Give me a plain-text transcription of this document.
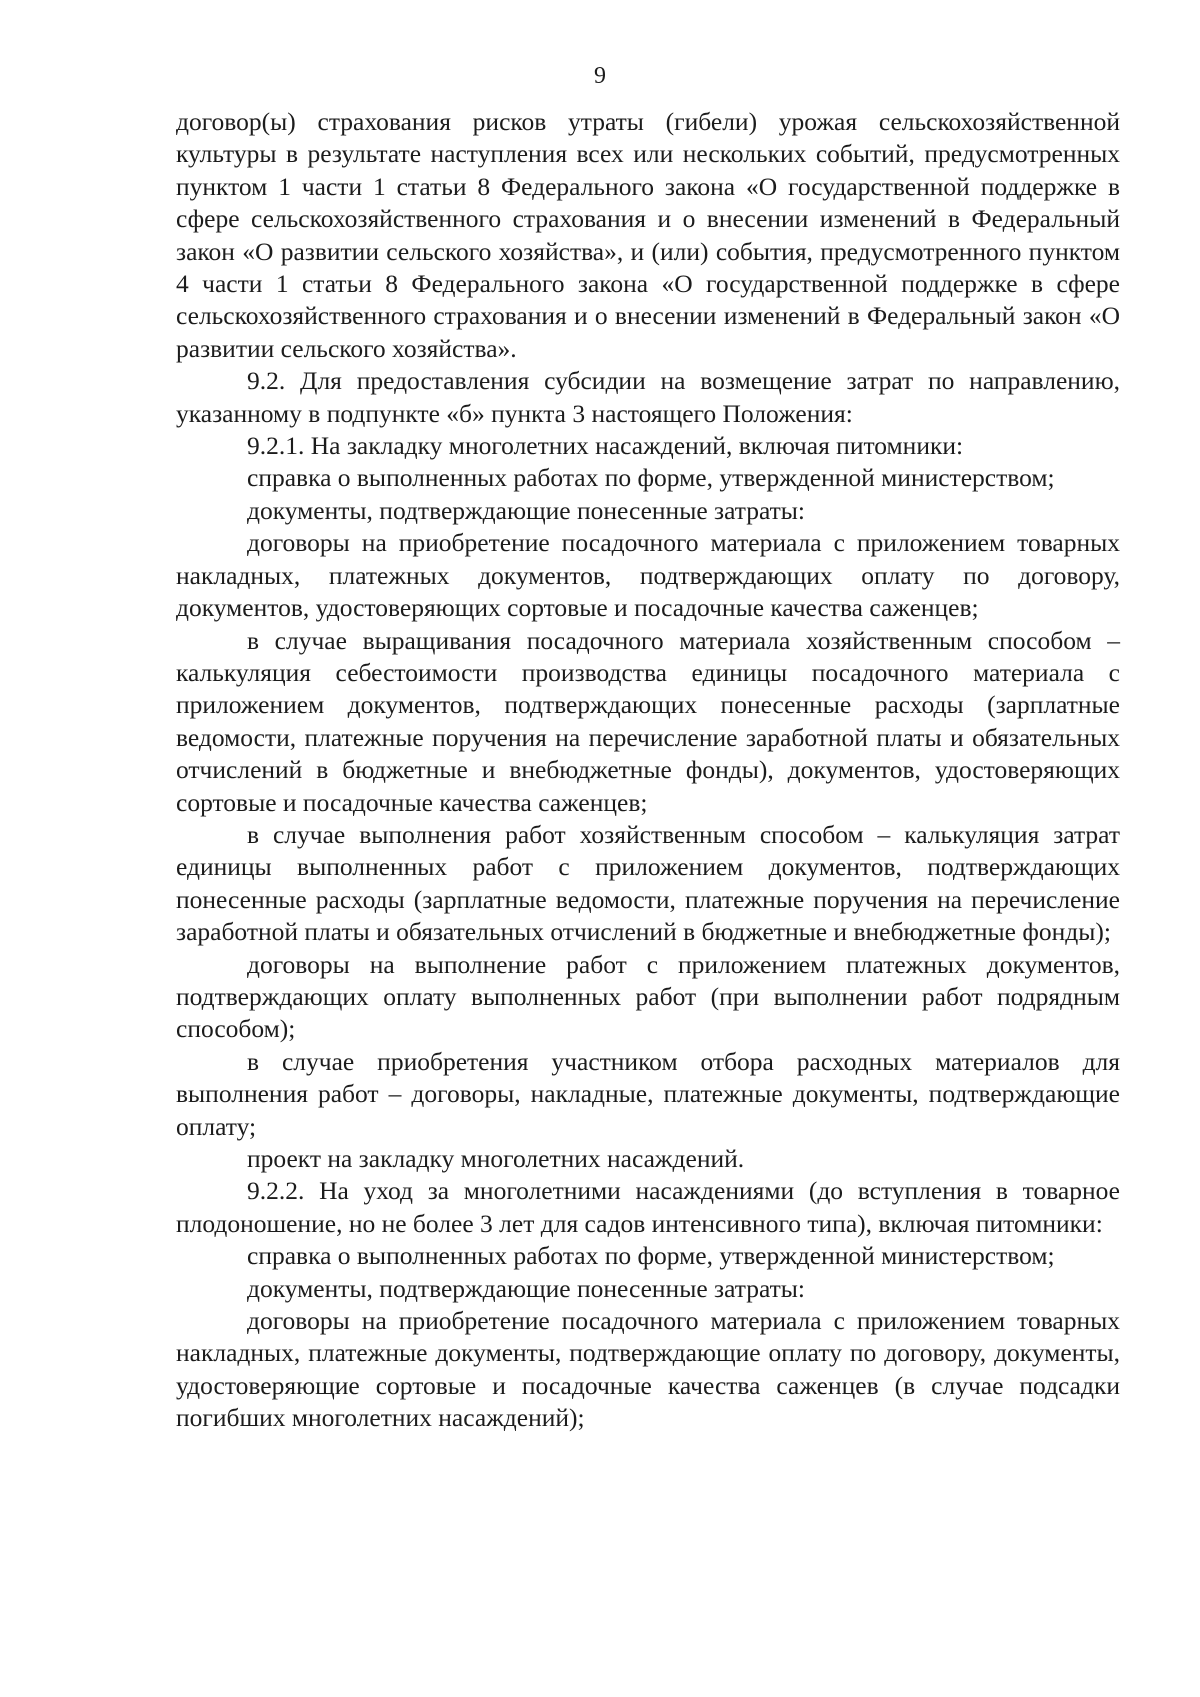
9

договор(ы) страхования рисков утраты (гибели) урожая сельскохозяйственной культуры в результате наступления всех или нескольких событий, предусмотренных пунктом 1 части 1 статьи 8 Федерального закона «О государственной поддержке в сфере сельскохозяйственного страхования и о внесении изменений в Федеральный закон «О развитии сельского хозяйства», и (или) события, предусмотренного пунктом 4 части 1 статьи 8 Федерального закона «О государственной поддержке в сфере сельскохозяйственного страхования и о внесении изменений в Федеральный закон «О развитии сельского хозяйства».

9.2. Для предоставления субсидии на возмещение затрат по направлению, указанному в подпункте «б» пункта 3 настоящего Положения:

9.2.1. На закладку многолетних насаждений, включая питомники:

справка о выполненных работах по форме, утвержденной министерством;

документы, подтверждающие понесенные затраты:

договоры на приобретение посадочного материала с приложением товарных накладных, платежных документов, подтверждающих оплату по договору, документов, удостоверяющих сортовые и посадочные качества саженцев;

в случае выращивания посадочного материала хозяйственным способом – калькуляция себестоимости производства единицы посадочного материала с приложением документов, подтверждающих понесенные расходы (зарплатные ведомости, платежные поручения на перечисление заработной платы и обязательных отчислений в бюджетные и внебюджетные фонды), документов, удостоверяющих сортовые и посадочные качества саженцев;

в случае выполнения работ хозяйственным способом – калькуляция затрат единицы выполненных работ с приложением документов, подтверждающих понесенные расходы (зарплатные ведомости, платежные поручения на перечисление заработной платы и обязательных отчислений в бюджетные и внебюджетные фонды);

договоры на выполнение работ с приложением платежных документов, подтверждающих оплату выполненных работ (при выполнении работ подрядным способом);

в случае приобретения участником отбора расходных материалов для выполнения работ – договоры, накладные, платежные документы, подтверждающие оплату;

проект на закладку многолетних насаждений.

9.2.2. На уход за многолетними насаждениями (до вступления в товарное плодоношение, но не более 3 лет для садов интенсивного типа), включая питомники:

справка о выполненных работах по форме, утвержденной министерством;

документы, подтверждающие понесенные затраты:

договоры на приобретение посадочного материала с приложением товарных накладных, платежные документы, подтверждающие оплату по договору, документы, удостоверяющие сортовые и посадочные качества саженцев (в случае подсадки погибших многолетних насаждений);
